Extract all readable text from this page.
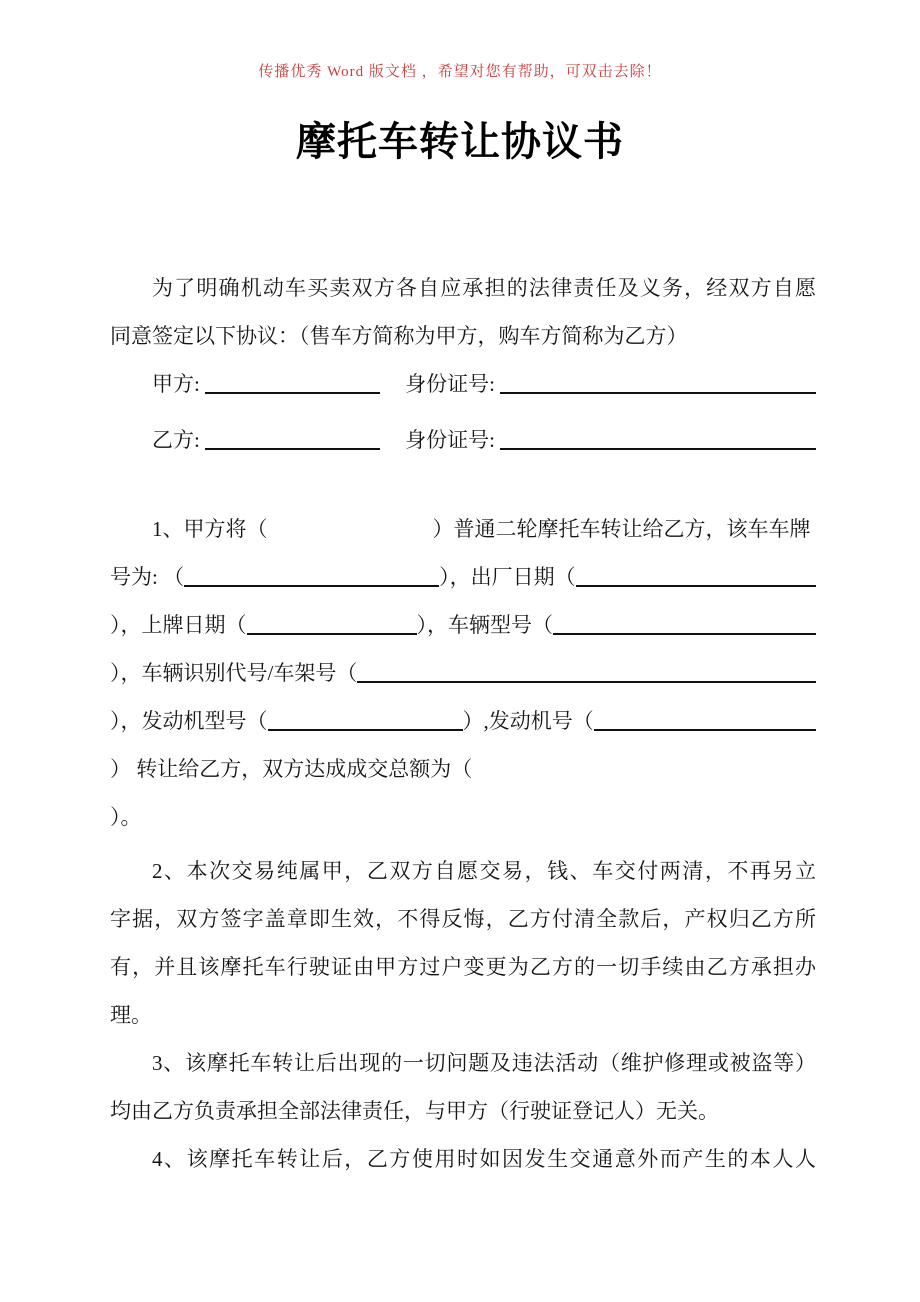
传播优秀 Word 版文档 ，希望对您有帮助，可双击去除！
摩托车转让协议书
为了明确机动车买卖双方各自应承担的法律责任及义务，经双方自愿
同意签定以下协议：（售车方简称为甲方，购车方简称为乙方）
甲方:	身份证号:
乙方:	身份证号:
1、甲方将（	）普通二轮摩托车转让给乙方，该车车牌
号为: （	），出厂日期（
），上牌日期（	），车辆型号（
），车辆识别代号/车架号（
），发动机型号（	）,发动机号（
） 转让给乙方，双方达成成交总额为（
）。
2、本次交易纯属甲，乙双方自愿交易，钱、车交付两清，不再另立
字据，双方签字盖章即生效，不得反悔，乙方付清全款后，产权归乙方所
有，并且该摩托车行驶证由甲方过户变更为乙方的一切手续由乙方承担办
理。
3、该摩托车转让后出现的一切问题及违法活动（维护修理或被盗等）
均由乙方负责承担全部法律责任，与甲方（行驶证登记人）无关。
4、该摩托车转让后，乙方使用时如因发生交通意外而产生的本人人
